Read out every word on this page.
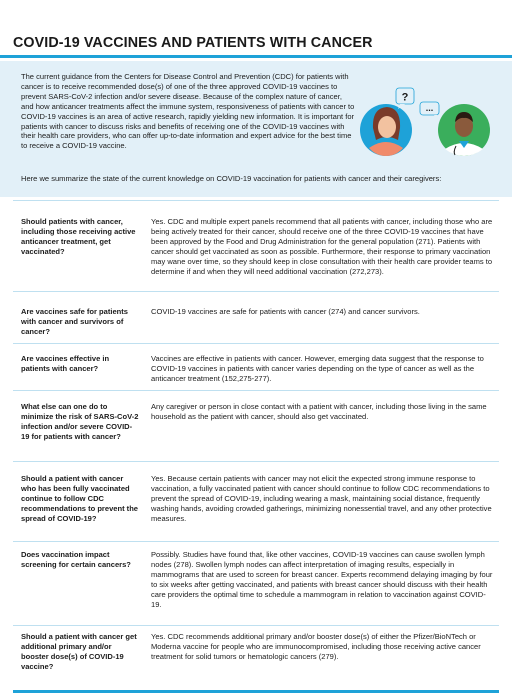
COVID-19 VACCINES AND PATIENTS WITH CANCER
The current guidance from the Centers for Disease Control and Prevention (CDC) for patients with cancer is to receive recommended dose(s) of one of the three approved COVID-19 vaccines to prevent SARS-CoV-2 infection and/or severe disease. Because of the complex nature of cancer, and how anticancer treatments affect the immune system, responsiveness of patients with cancer to COVID-19 vaccines is an area of active research, rapidly yielding new information. It is important for patients with cancer to discuss risks and benefits of receiving one of the COVID-19 vaccines with their health care providers, who can offer up-to-date information and expert advice for the best time to receive a COVID-19 vaccine.
?
...
Here we summarize the state of the current knowledge on COVID-19 vaccination for patients with cancer and their caregivers:
Should patients with cancer, including those receiving active anticancer treatment, get vaccinated?
Yes. CDC and multiple expert panels recommend that all patients with cancer, including those who are being actively treated for their cancer, should receive one of the three COVID-19 vaccines that have been approved by the Food and Drug Administration for the general population (271). Patients with cancer should get vaccinated as soon as possible. Furthermore, their response to primary vaccination may wane over time, so they should keep in close consultation with their health care provider teams to determine if and when they will need additional vaccination (272,273).
Are vaccines safe for patients with cancer and survivors of cancer?
COVID-19 vaccines are safe for patients with cancer (274) and cancer survivors.
Are vaccines effective in patients with cancer?
Vaccines are effective in patients with cancer. However, emerging data suggest that the response to COVID-19 vaccines in patients with cancer varies depending on the type of cancer as well as the anticancer treatment (152,275-277).
What else can one do to minimize the risk of SARS-CoV-2 infection and/or severe COVID-19 for patients with cancer?
Any caregiver or person in close contact with a patient with cancer, including those living in the same household as the patient with cancer, should also get vaccinated.
Should a patient with cancer who has been fully vaccinated continue to follow CDC recommendations to prevent the spread of COVID-19?
Yes. Because certain patients with cancer may not elicit the expected strong immune response to vaccination, a fully vaccinated patient with cancer should continue to follow CDC recommendations to prevent the spread of COVID-19, including wearing a mask, maintaining social distance, frequently washing hands, avoiding crowded gatherings, minimizing nonessential travel, and any other protective measures.
Does vaccination impact screening for certain cancers?
Possibly. Studies have found that, like other vaccines, COVID-19 vaccines can cause swollen lymph nodes (278). Swollen lymph nodes can affect interpretation of imaging results, especially in mammograms that are used to screen for breast cancer. Experts recommend delaying imaging by four to six weeks after getting vaccinated, and patients with breast cancer should discuss with their health care providers the optimal time to schedule a mammogram in relation to vaccination against COVID-19.
Should a patient with cancer get additional primary and/or booster dose(s) of COVID-19 vaccine?
Yes. CDC recommends additional primary and/or booster dose(s) of either the Pfizer/BioNTech or Moderna vaccine for people who are immunocompromised, including those receiving active cancer treatment for solid tumors or hematologic cancers (279).
